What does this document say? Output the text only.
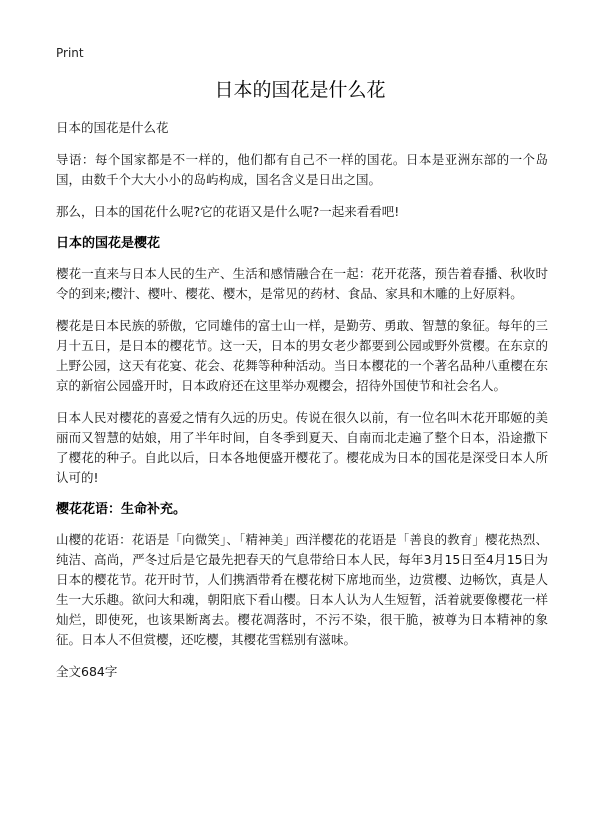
Print
日本的国花是什么花

日本的国花是什么花

导语：每个国家都是不一样的，他们都有自己不一样的国花。日本是亚洲东部的一个岛国，由数千个大大小小的岛屿构成，国名含义是日出之国。

那么，日本的国花什么呢?它的花语又是什么呢?一起来看看吧!

日本的国花是樱花

樱花一直来与日本人民的生产、生活和感情融合在一起：花开花落，预告着春播、秋收时令的到来;樱汁、樱叶、樱花、樱木，是常见的药材、食品、家具和木雕的上好原料。

樱花是日本民族的骄傲，它同雄伟的富士山一样，是勤劳、勇敢、智慧的象征。每年的三月十五日，是日本的樱花节。这一天，日本的男女老少都要到公园或野外赏樱。在东京的上野公园，这天有花宴、花会、花舞等种种活动。当日本樱花的一个著名品种八重樱在东京的新宿公园盛开时，日本政府还在这里举办观樱会，招待外国使节和社会名人。

日本人民对樱花的喜爱之情有久远的历史。传说在很久以前，有一位名叫木花开耶姬的美丽而又智慧的姑娘，用了半年时间，自冬季到夏天、自南而北走遍了整个日本，沿途撒下了樱花的种子。自此以后，日本各地便盛开樱花了。樱花成为日本的国花是深受日本人所认可的!

樱花花语：生命补充。

山樱的花语：花语是「向微笑」、「精神美」西洋樱花的花语是「善良的教育」樱花热烈、纯洁、高尚，严冬过后是它最先把春天的气息带给日本人民，每年3月15日至4月15日为日本的樱花节。花开时节，人们携酒带肴在樱花树下席地而坐，边赏樱、边畅饮，真是人生一大乐趣。欲问大和魂，朝阳底下看山樱。日本人认为人生短暂，活着就要像樱花一样灿烂，即使死，也该果断离去。樱花凋落时，不污不染，很干脆，被尊为日本精神的象征。日本人不但赏樱，还吃樱，其樱花雪糕别有滋味。

全文684字
